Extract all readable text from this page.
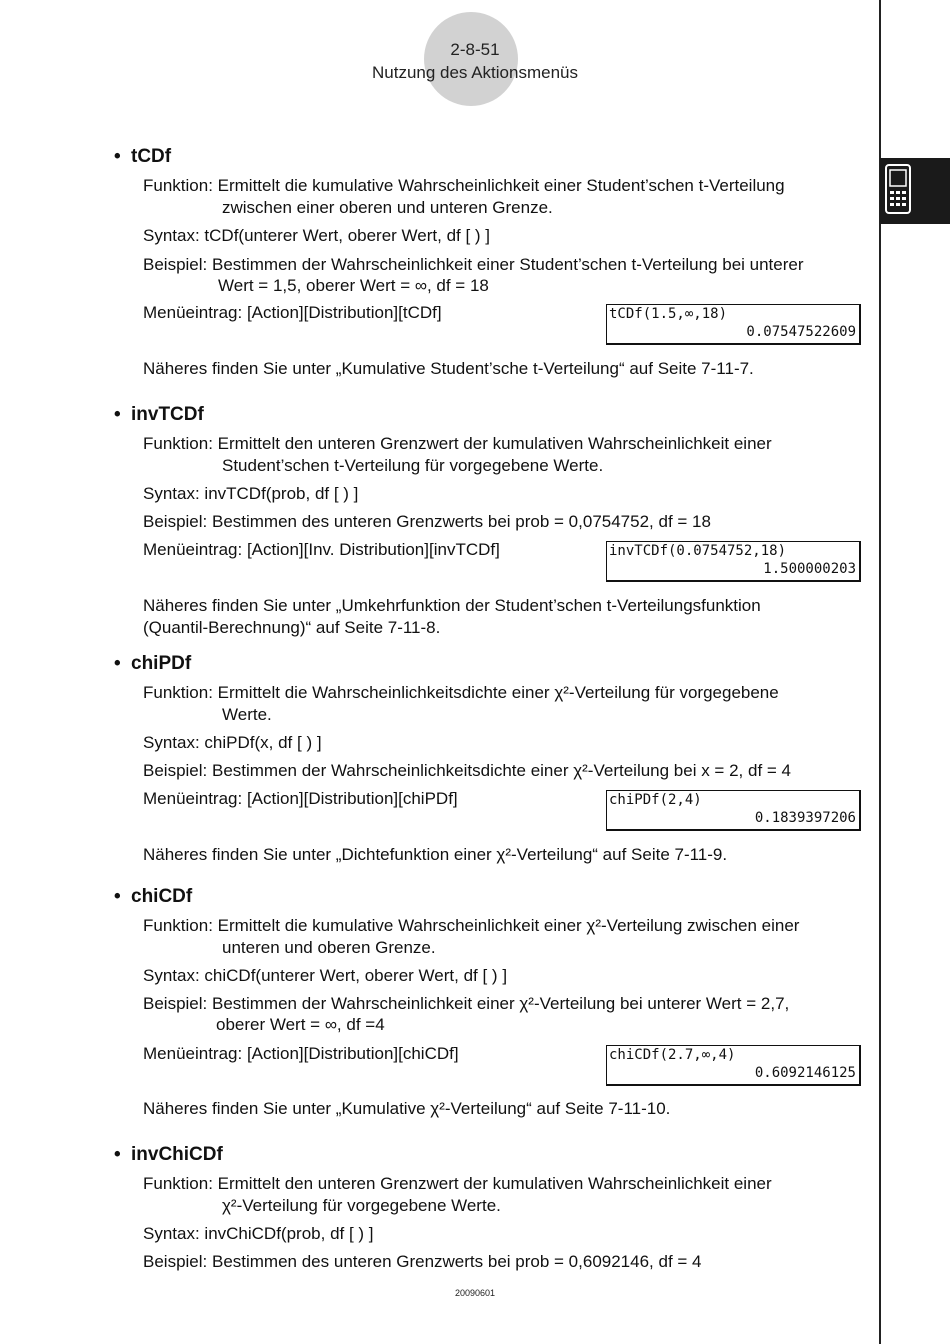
2-8-51
Nutzung des Aktionsmenüs
• tCDf
Funktion: Ermittelt die kumulative Wahrscheinlichkeit einer Student’schen t-Verteilung
zwischen einer oberen und unteren Grenze.
Syntax: tCDf(unterer Wert, oberer Wert, df [ ) ]
Beispiel: Bestimmen der Wahrscheinlichkeit einer Student’schen t-Verteilung bei unterer
Wert = 1,5, oberer Wert = ∞, df = 18
Menüeintrag: [Action][Distribution][tCDf]	tCDf(1.5,∞,18)
0.07547522609
Näheres finden Sie unter „Kumulative Student’sche t-Verteilung“ auf Seite 7-11-7.
• invTCDf
Funktion: Ermittelt den unteren Grenzwert der kumulativen Wahrscheinlichkeit einer
Student’schen t-Verteilung für vorgegebene Werte.
Syntax: invTCDf(prob, df [ ) ]
Beispiel: Bestimmen des unteren Grenzwerts bei prob = 0,0754752, df = 18
Menüeintrag: [Action][Inv. Distribution][invTCDf]	invTCDf(0.0754752,18)
1.500000203
Näheres finden Sie unter „Umkehrfunktion der Student’schen t-Verteilungsfunktion
(Quantil-Berechnung)“ auf Seite 7-11-8.
• chiPDf
Funktion: Ermittelt die Wahrscheinlichkeitsdichte einer χ²-Verteilung für vorgegebene
Werte.
Syntax: chiPDf(x, df [ ) ]
Beispiel: Bestimmen der Wahrscheinlichkeitsdichte einer χ²-Verteilung bei x = 2, df = 4
Menüeintrag: [Action][Distribution][chiPDf]	chiPDf(2,4)
0.1839397206
Näheres finden Sie unter „Dichtefunktion einer χ²-Verteilung“ auf Seite 7-11-9.
• chiCDf
Funktion: Ermittelt die kumulative Wahrscheinlichkeit einer χ²-Verteilung zwischen einer
unteren und oberen Grenze.
Syntax: chiCDf(unterer Wert, oberer Wert, df [ ) ]
Beispiel: Bestimmen der Wahrscheinlichkeit einer χ²-Verteilung bei unterer Wert = 2,7,
oberer Wert = ∞, df =4
Menüeintrag: [Action][Distribution][chiCDf]	chiCDf(2.7,∞,4)
0.6092146125
Näheres finden Sie unter „Kumulative χ²-Verteilung“ auf Seite 7-11-10.
• invChiCDf
Funktion: Ermittelt den unteren Grenzwert der kumulativen Wahrscheinlichkeit einer
χ²-Verteilung für vorgegebene Werte.
Syntax: invChiCDf(prob, df [ ) ]
Beispiel: Bestimmen des unteren Grenzwerts bei prob = 0,6092146, df = 4
20090601
